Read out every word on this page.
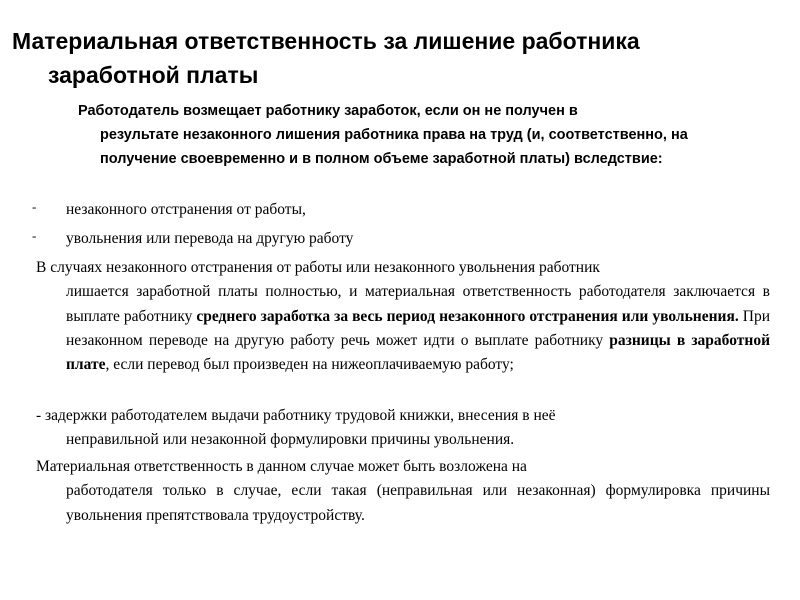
Материальная ответственность за лишение работника
заработной платы
Работодатель возмещает работнику заработок, если он не получен в
результате незаконного лишения работника права на труд (и, соответственно, на получение своевременно и в полном объеме заработной платы) вследствие:
- незаконного отстранения от работы,
- увольнения или перевода на другую работу
В случаях незаконного отстранения от работы или незаконного увольнения работник
лишается заработной платы полностью, и материальная ответственность работодателя заключается в выплате работнику среднего заработка за весь период незаконного отстранения или увольнения. При незаконном переводе на другую работу речь может идти о выплате работнику разницы в заработной плате, если перевод был произведен на нижеоплачиваемую работу;
- задержки работодателем выдачи работнику трудовой книжки, внесения в неё
неправильной или незаконной формулировки причины увольнения.
Материальная ответственность в данном случае может быть возложена на
работодателя только в случае, если такая (неправильная или незаконная) формулировка причины увольнения препятствовала трудоустройству.
